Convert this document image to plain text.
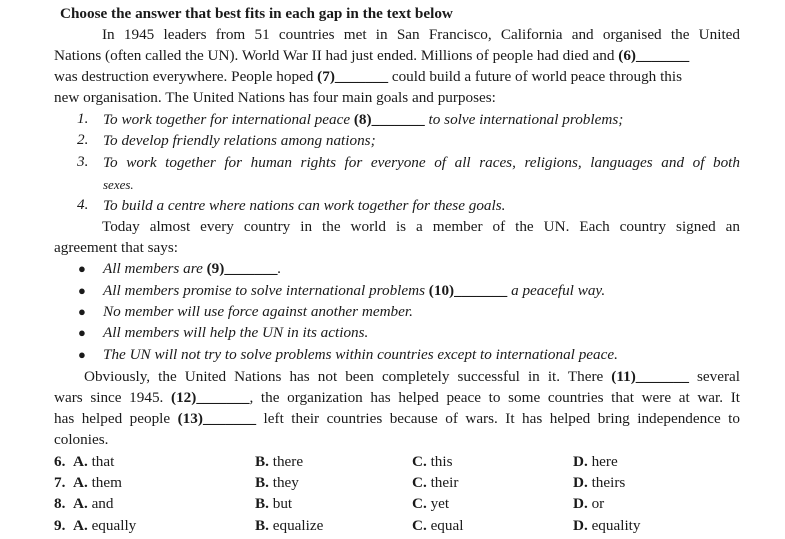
Choose the answer that best fits in each gap in the text below
In 1945 leaders from 51 countries met in San Francisco, California and organised the United
Nations (often called the UN). World War II had just ended. Millions of people had died and (6)_______
was destruction everywhere. People hoped (7)_______ could build a future of world peace through this
new organisation. The United Nations has four main goals and purposes:
1. To work together for international peace (8)_______ to solve international problems;
2. To develop friendly relations among nations;
3. To work together for human rights for everyone of all races, religions, languages and of both
sexes.
4. To build a centre where nations can work together for these goals.
Today almost every country in the world is a member of the UN. Each country signed an
agreement that says:
● All members are (9)_______.
● All members promise to solve international problems (10)_______ a peaceful way.
● No member will use force against another member.
● All members will help the UN in its actions.
● The UN will not try to solve problems within countries except to international peace.
Obviously, the United Nations has not been completely successful in it. There (11)_______ several
wars since 1945. (12)_______, the organization has helped peace to some countries that were at war. It
has helped people (13)_______ left their countries because of wars. It has helped bring independence to
colonies.
6. A. that	B. there	C. this	D. here
7. A. them	B. they	C. their	D. theirs
8. A. and	B. but	C. yet	D. or
9. A. equally	B. equalize	C. equal	D. equality
